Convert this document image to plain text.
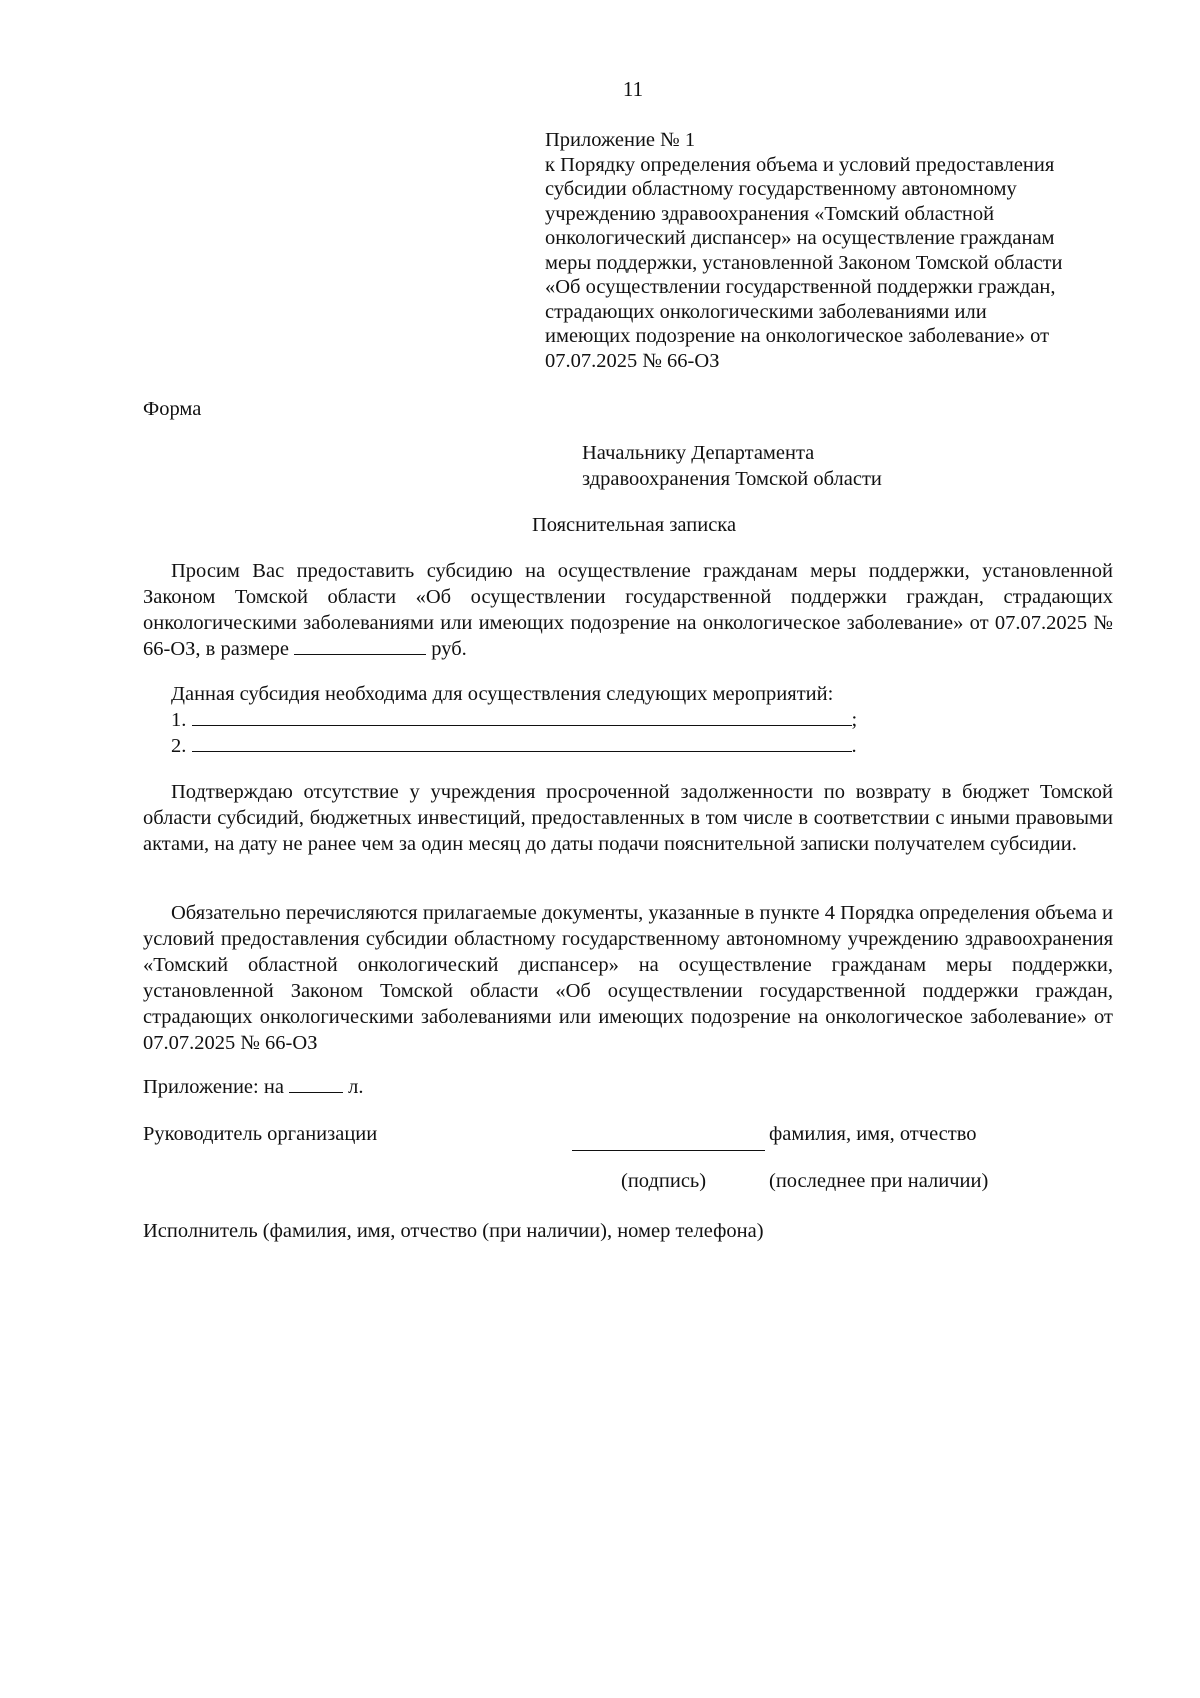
11
Приложение № 1
к Порядку определения объема и условий предоставления
субсидии областному государственному автономному
учреждению здравоохранения «Томский областной
онкологический диспансер» на осуществление гражданам
меры поддержки, установленной Законом Томской области
«Об осуществлении государственной поддержки граждан,
страдающих онкологическими заболеваниями или
имеющих подозрение на онкологическое заболевание» от
07.07.2025 № 66-ОЗ
Форма
Начальнику Департамента
здравоохранения Томской области
Пояснительная записка
Просим Вас предоставить субсидию на осуществление гражданам меры поддержки, установленной Законом Томской области «Об осуществлении государственной поддержки граждан, страдающих онкологическими заболеваниями или имеющих подозрение на онкологическое заболевание» от 07.07.2025 № 66-ОЗ, в размере	руб.
Данная субсидия необходима для осуществления следующих мероприятий:
1.	;
2.	.
Подтверждаю отсутствие у учреждения просроченной задолженности по возврату в бюджет Томской области субсидий, бюджетных инвестиций, предоставленных в том числе в соответствии с иными правовыми актами, на дату не ранее чем за один месяц до даты подачи пояснительной записки получателем субсидии.
Обязательно перечисляются прилагаемые документы, указанные в пункте 4 Порядка определения объема и условий предоставления субсидии областному государственному автономному учреждению здравоохранения «Томский областной онкологический диспансер» на осуществление гражданам меры поддержки, установленной Законом Томской области «Об осуществлении государственной поддержки граждан, страдающих онкологическими заболеваниями или имеющих подозрение на онкологическое заболевание» от 07.07.2025 № 66-ОЗ
Приложение: на	л.
Руководитель организации	фамилия, имя, отчество
(подпись)	(последнее при наличии)
Исполнитель (фамилия, имя, отчество (при наличии), номер телефона)
